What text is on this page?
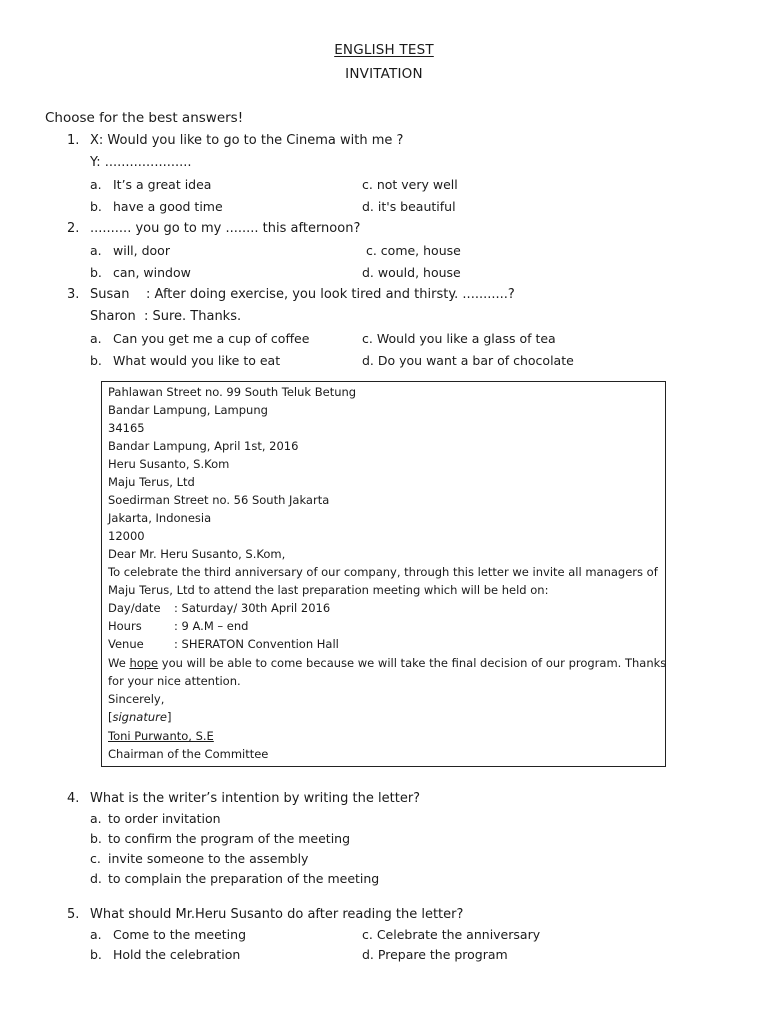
ENGLISH TEST
INVITATION
Choose for the best answers!
1. X: Would you like to go to the Cinema with me ?
Y: .....................
a. It’s a great idea
b. have a good time
c. not very well
d. it's beautiful
2. .......... you go to my ........ this afternoon?
a. will, door
b. can, window
c. come, house
d. would, house
3. Susan    : After doing exercise, you look tired and thirsty. ...........?
Sharon  : Sure. Thanks.
a. Can you get me a cup of coffee
b. What would you like to eat
c. Would you like a glass of tea
d. Do you want a bar of chocolate
Pahlawan Street no. 99 South Teluk Betung
Bandar Lampung, Lampung
34165
Bandar Lampung, April 1st, 2016
Heru Susanto, S.Kom
Maju Terus, Ltd
Soedirman Street no. 56 South Jakarta
Jakarta, Indonesia
12000
Dear Mr. Heru Susanto, S.Kom,
To celebrate the third anniversary of our company, through this letter we invite all managers of
Maju Terus, Ltd to attend the last preparation meeting which will be held on:
Day/date : Saturday/ 30th April 2016
Hours	: 9 A.M – end
Venue	: SHERATON Convention Hall
We hope you will be able to come because we will take the final decision of our program. Thanks
for your nice attention.
Sincerely,
[signature]
Toni Purwanto, S.E
Chairman of the Committee
4. What is the writer’s intention by writing the letter?
a. to order invitation
b. to confirm the program of the meeting
c. invite someone to the assembly
d. to complain the preparation of the meeting
5. What should Mr.Heru Susanto do after reading the letter?
a. Come to the meeting
b. Hold the celebration
c. Celebrate the anniversary
d. Prepare the program
